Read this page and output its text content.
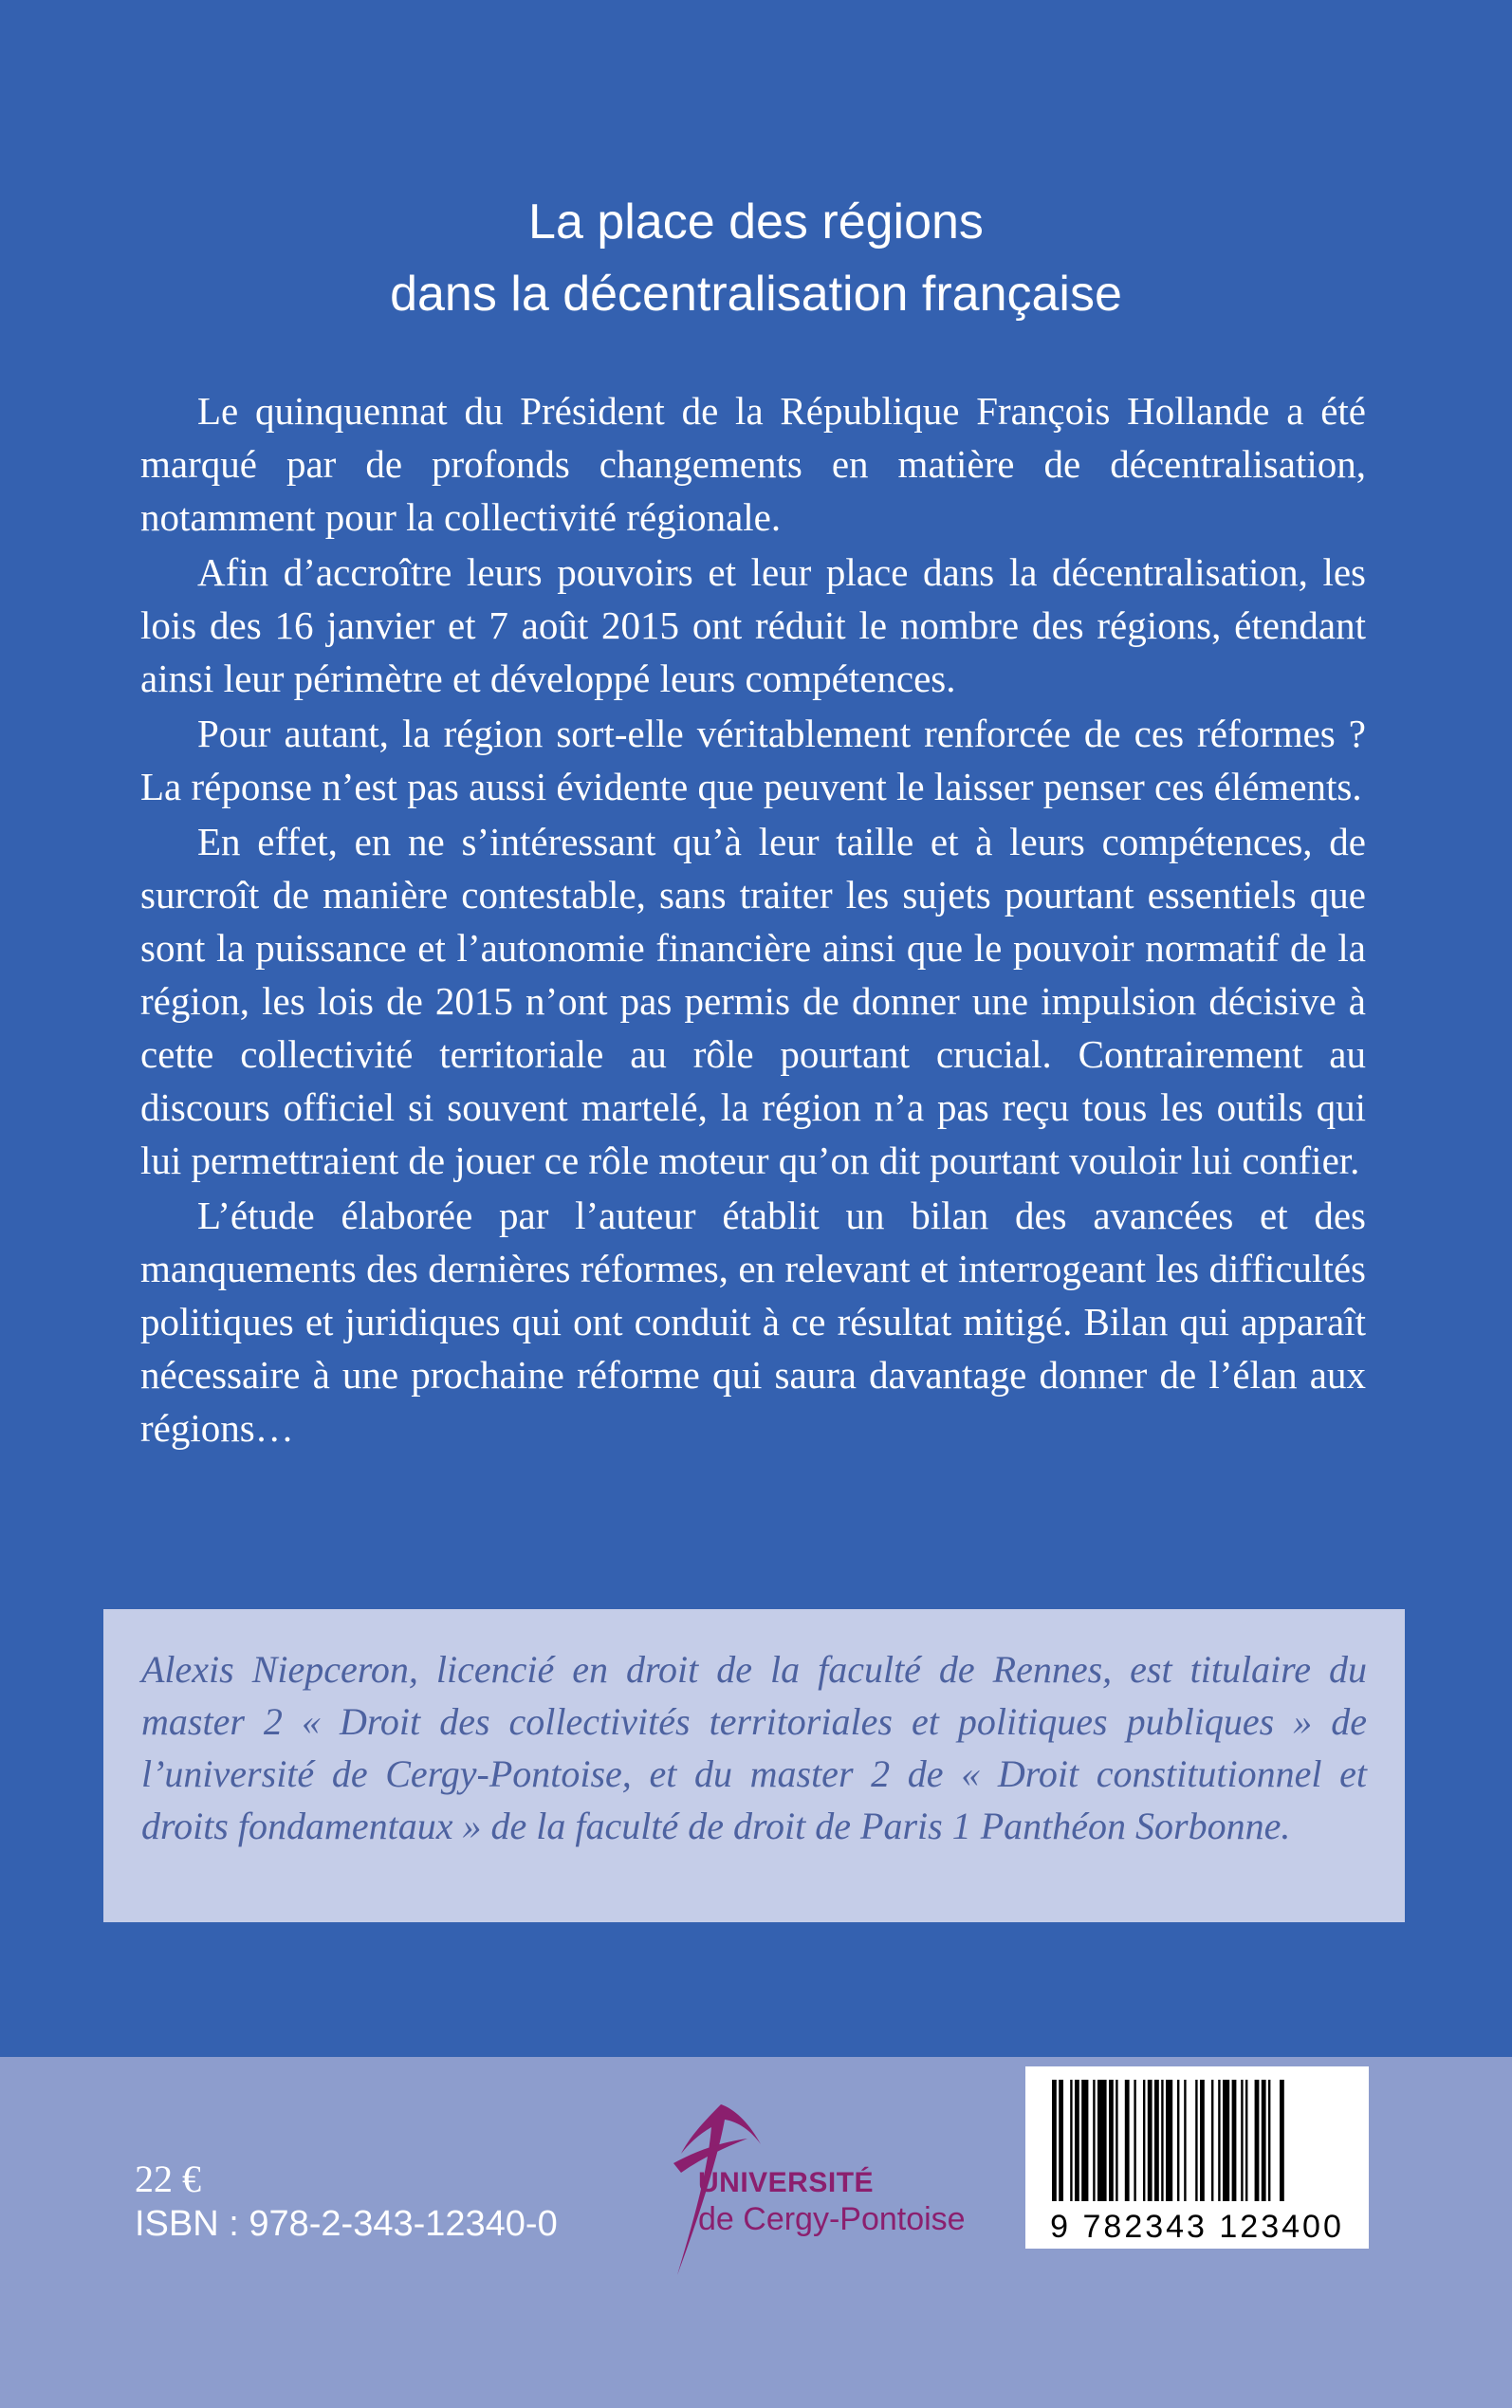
La place des régions
dans la décentralisation française

Le quinquennat du Président de la République François Hollande a été marqué par de profonds changements en matière de décentralisation, notamment pour la collectivité régionale.

Afin d’accroître leurs pouvoirs et leur place dans la décentralisation, les lois des 16 janvier et 7 août 2015 ont réduit le nombre des régions, étendant ainsi leur périmètre et développé leurs compétences.

Pour autant, la région sort-elle véritablement renforcée de ces réformes ? La réponse n’est pas aussi évidente que peuvent le laisser penser ces éléments.

En effet, en ne s’intéressant qu’à leur taille et à leurs compétences, de surcroît de manière contestable, sans traiter les sujets pourtant essentiels que sont la puissance et l’autonomie financière ainsi que le pouvoir normatif de la région, les lois de 2015 n’ont pas permis de donner une impulsion décisive à cette collectivité territoriale au rôle pourtant crucial. Contrairement au discours officiel si souvent martelé, la région n’a pas reçu tous les outils qui lui permettraient de jouer ce rôle moteur qu’on dit pourtant vouloir lui confier.

L’étude élaborée par l’auteur établit un bilan des avancées et des manquements des dernières réformes, en relevant et interrogeant les difficultés politiques et juridiques qui ont conduit à ce résultat mitigé. Bilan qui apparaît nécessaire à une prochaine réforme qui saura davantage donner de l’élan aux régions…

Alexis Niepceron, licencié en droit de la faculté de Rennes, est titulaire du master 2 « Droit des collectivités territoriales et politiques publiques » de l’université de Cergy-Pontoise, et du master 2 de « Droit constitutionnel et droits fondamentaux » de la faculté de droit de Paris 1 Panthéon Sorbonne.

22 €
ISBN : 978-2-343-12340-0
UNIVERSITÉ
de Cergy-Pontoise	9 782343 123400
